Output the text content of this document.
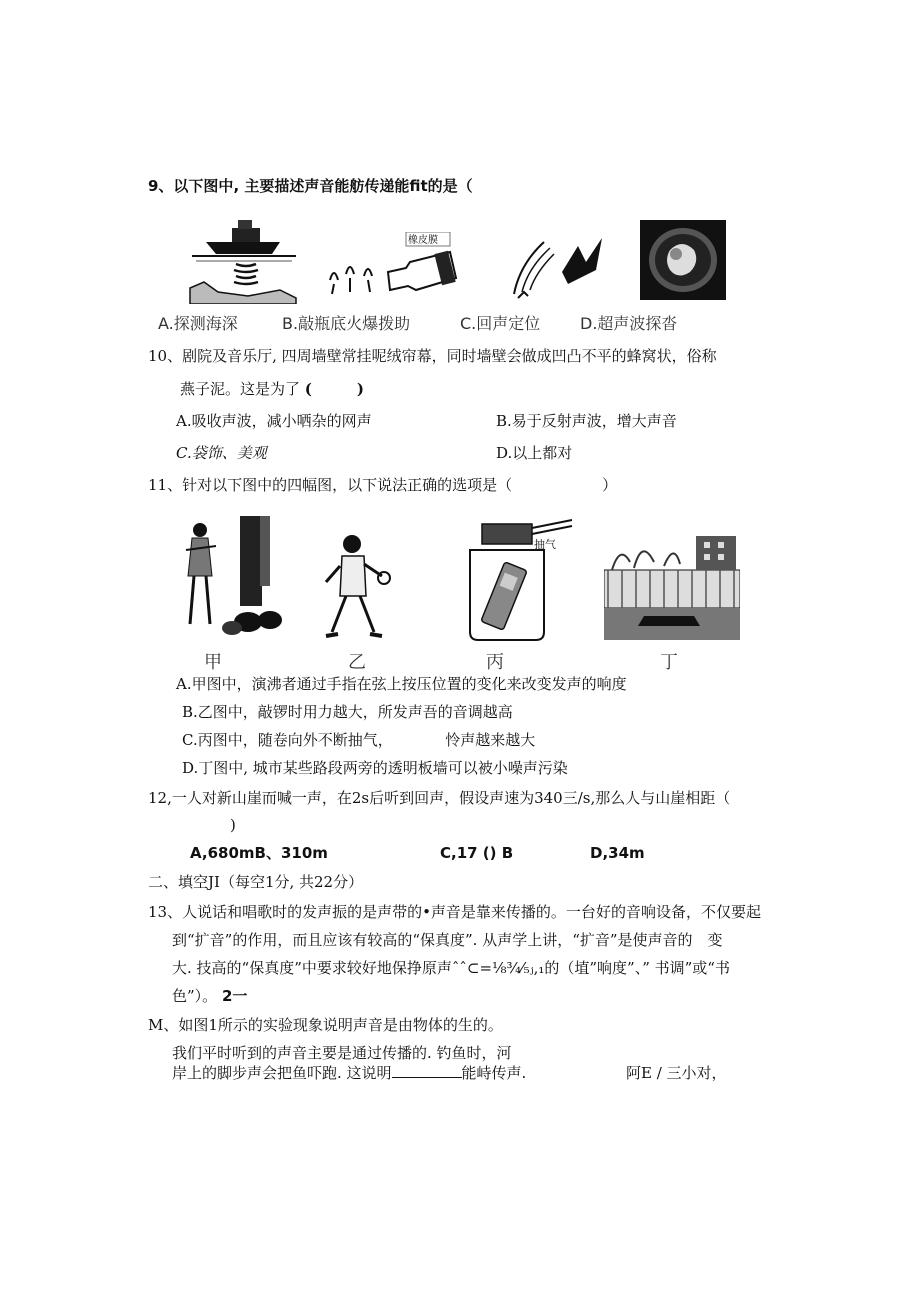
9、以下图中, 主要描述声音能舫传递能fit的是（
橡皮膜
A.探测海深	B.敲瓶底火爆拨助	C.回声定位 D.超声波探沓
10、剧院及音乐厅, 四周墙壁常挂呢绒帘幕，同时墙壁会做成凹凸不平的蜂窝状，俗称
燕子泥。这是为了 (　　　)
A.吸收声波，减小哂杂的网声	B.易于反射声波，增大声音
C.袋饰、美观	D.以上都对
11、针对以下图中的四幅图，以下说法正确的选项是（　　　　　　）
抽气
甲	乙	丙	丁
A.甲图中，演沸者通过手指在弦上按压位置的变化来改变发声的响度
B.乙图中，敲锣时用力越大，所发声吾的音调越高
C.丙图中，随卷向外不断抽气，　　　　怜声越来越大
D.丁图中, 城市某些路段两旁的透明板墙可以被小噪声污染
12,一人对新山崖而喊一声，在2s后听到回声，假设声速为340三/s,那么人与山崖相距（
)
A,680mB、310m	C,17 () B	D,34m
二、填空JI（每空1分, 共22分）
13、人说话和唱歌时的发声振的是声带的•声音是靠来传播的。一台好的音响设备，不仅要起
到“扩音”的作用，而且应该有较高的“保真度”. 从声学上讲，“扩音”是使声音的　变
大. 技高的“保真度”中要求较好地保挣原声ˆˆ⊂=⅛¾⁄₅ⱼ,₁的（埴”响度”、” 书调”或“书
色”）。 2一
M、如图1所示的实验现象说明声音是由物体的生的。
我们平时听到的声音主要是通过传播的. 钓鱼时，河
岸上的脚步声会把鱼吓跑. 这说明	能峙传声.	阿E / 三小对，
